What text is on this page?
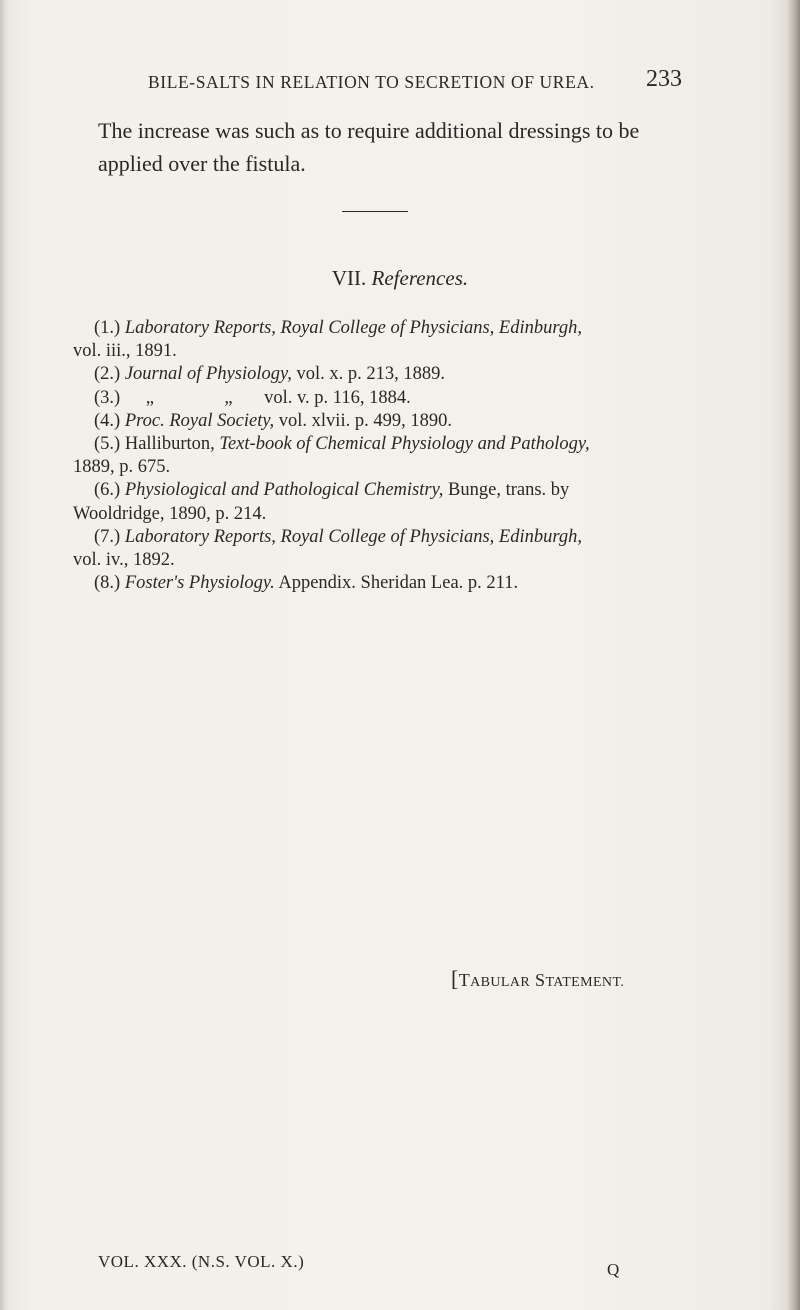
BILE-SALTS IN RELATION TO SECRETION OF UREA. 233
The increase was such as to require additional dressings to be
applied over the fistula.
VII. References.
(1.) Laboratory Reports, Royal College of Physicians, Edinburgh,
vol. iii., 1891.
(2.) Journal of Physiology, vol. x. p. 213, 1889.
(3.) „	„ vol. v. p. 116, 1884.
(4.) Proc. Royal Society, vol. xlvii. p. 499, 1890.
(5.) Halliburton, Text-book of Chemical Physiology and Pathology,
1889, p. 675.
(6.) Physiological and Pathological Chemistry, Bunge, trans. by
Wooldridge, 1890, p. 214.
(7.) Laboratory Reports, Royal College of Physicians, Edinburgh,
vol. iv., 1892.
(8.) Foster's Physiology. Appendix. Sheridan Lea. p. 211.
[TABULAR STATEMENT.
VOL. XXX. (N.S. VOL. X.)	Q
